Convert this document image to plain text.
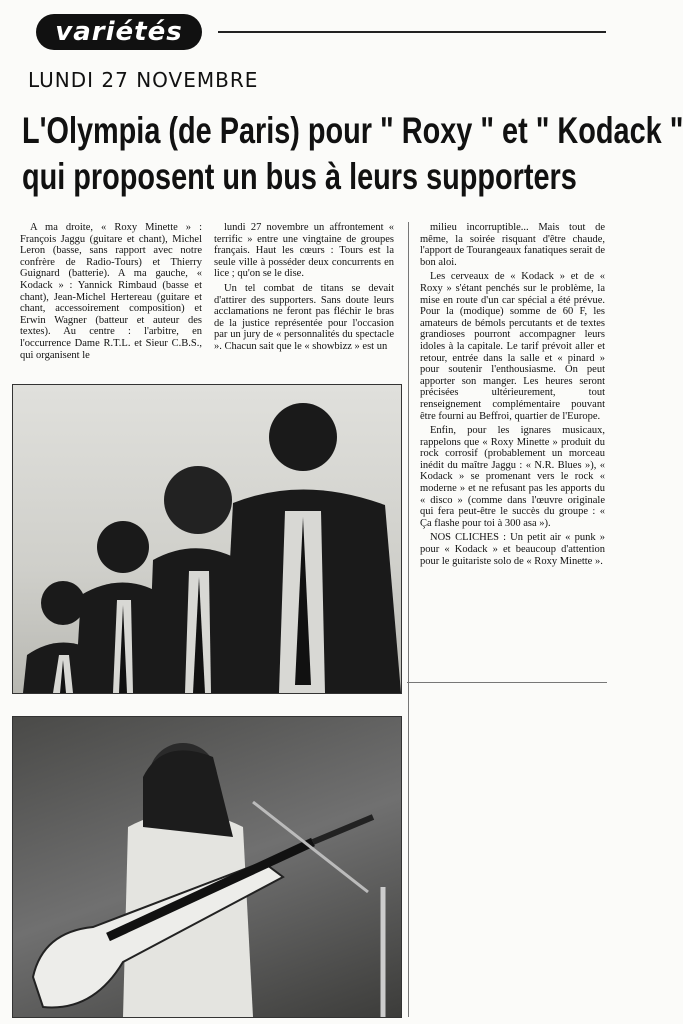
variétés
LUNDI 27 NOVEMBRE
L'Olympia (de Paris) pour " Roxy " et " Kodack "
qui proposent un bus à leurs supporters

A ma droite, « Roxy Minette » : François Jaggu (guitare et chant), Michel Leron (basse, sans rapport avec notre confrère de Radio-Tours) et Thierry Guignard (batterie). A ma gauche, « Kodack » : Yannick Rimbaud (basse et chant), Jean-Michel Hertereau (guitare et chant, accessoirement composition) et Erwin Wagner (batteur et auteur des textes). Au centre : l'arbitre, en l'occurrence Dame R.T.L. et Sieur C.B.S., qui organisent le

lundi 27 novembre un affrontement « terrific » entre une vingtaine de groupes français. Haut les cœurs : Tours est la seule ville à posséder deux concurrents en lice ; qu'on se le dise.

Un tel combat de titans se devait d'attirer des supporters. Sans doute leurs acclamations ne feront pas fléchir le bras de la justice représentée pour l'occasion par un jury de « personnalités du spectacle ». Chacun sait que le « showbizz » est un

milieu incorruptible... Mais tout de même, la soirée risquant d'être chaude, l'apport de Tourangeaux fanatiques serait de bon aloi.

Les cerveaux de « Kodack » et de « Roxy » s'étant penchés sur le problème, la mise en route d'un car spécial a été prévue. Pour la (modique) somme de 60 F, les amateurs de bémols percutants et de textes grandioses pourront accompagner leurs idoles à la capitale. Le tarif prévoit aller et retour, entrée dans la salle et « pinard » pour soutenir l'enthousiasme. On peut apporter son manger. Les heures seront précisées ultérieurement, tout renseignement complémentaire pouvant être fourni au Beffroi, quartier de l'Europe.

Enfin, pour les ignares musicaux, rappelons que « Roxy Minette » produit du rock corrosif (probablement un morceau inédit du maître Jaggu : « N.R. Blues »), « Kodack » se promenant vers le rock « moderne » et ne refusant pas les apports du « disco » (comme dans l'œuvre originale qui fera peut-être le succès du groupe : « Ça flashe pour toi à 300 asa »).

NOS CLICHES : Un petit air « punk » pour « Kodack » et beaucoup d'attention pour le guitariste solo de « Roxy Minette ».
